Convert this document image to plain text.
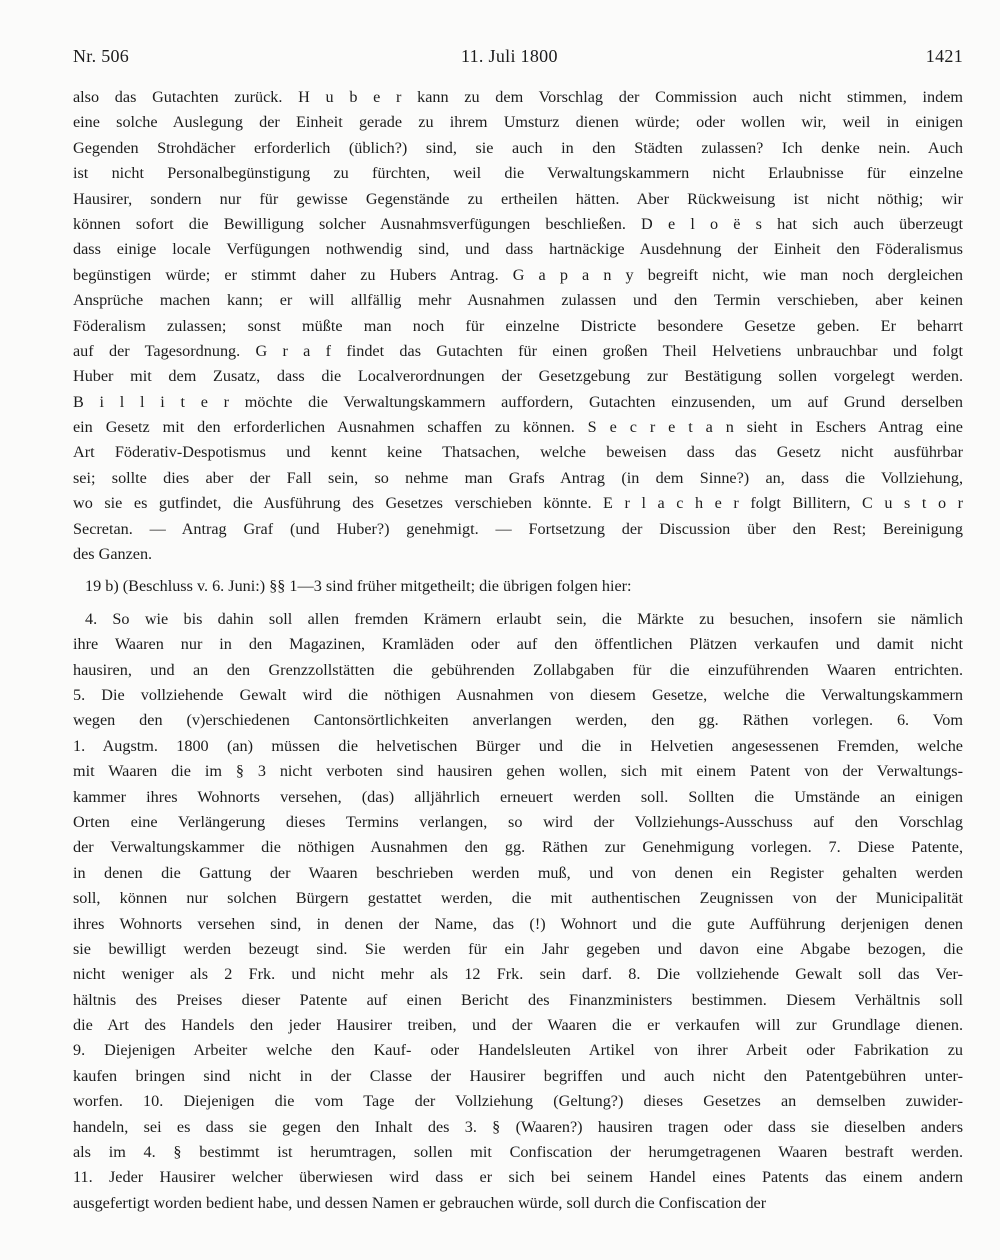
Nr. 506	11. Juli 1800	1421
also das Gutachten zurück. H u b e r kann zu dem Vorschlag der Commission auch nicht stimmen, indem
eine solche Auslegung der Einheit gerade zu ihrem Umsturz dienen würde; oder wollen wir, weil in einigen
Gegenden Strohdächer erforderlich (üblich?) sind, sie auch in den Städten zulassen? Ich denke nein. Auch
ist nicht Personalbegünstigung zu fürchten, weil die Verwaltungskammern nicht Erlaubnisse für einzelne
Hausirer, sondern nur für gewisse Gegenstände zu ertheilen hätten. Aber Rückweisung ist nicht nöthig; wir
können sofort die Bewilligung solcher Ausnahmsverfügungen beschließen. D e l o ë s hat sich auch überzeugt
dass einige locale Verfügungen nothwendig sind, und dass hartnäckige Ausdehnung der Einheit den Föderalismus
begünstigen würde; er stimmt daher zu Hubers Antrag. G a p a n y begreift nicht, wie man noch dergleichen
Ansprüche machen kann; er will allfällig mehr Ausnahmen zulassen und den Termin verschieben, aber keinen
Föderalism zulassen; sonst müßte man noch für einzelne Districte besondere Gesetze geben. Er beharrt
auf der Tagesordnung. G r a f findet das Gutachten für einen großen Theil Helvetiens unbrauchbar und folgt
Huber mit dem Zusatz, dass die Localverordnungen der Gesetzgebung zur Bestätigung sollen vorgelegt werden.
B i l l i t e r möchte die Verwaltungskammern auffordern, Gutachten einzusenden, um auf Grund derselben
ein Gesetz mit den erforderlichen Ausnahmen schaffen zu können. S e c r e t a n sieht in Eschers Antrag eine
Art Föderativ-Despotismus und kennt keine Thatsachen, welche beweisen dass das Gesetz nicht ausführbar
sei; sollte dies aber der Fall sein, so nehme man Grafs Antrag (in dem Sinne?) an, dass die Vollziehung,
wo sie es gutfindet, die Ausführung des Gesetzes verschieben könnte. E r l a c h e r folgt Billitern, C u s t o r
Secretan. — Antrag Graf (und Huber?) genehmigt. — Fortsetzung der Discussion über den Rest; Bereinigung
des Ganzen.
19 b) (Beschluss v. 6. Juni:) §§ 1—3 sind früher mitgetheilt; die übrigen folgen hier:
4. So wie bis dahin soll allen fremden Krämern erlaubt sein, die Märkte zu besuchen, insofern sie nämlich
ihre Waaren nur in den Magazinen, Kramläden oder auf den öffentlichen Plätzen verkaufen und damit nicht
hausiren, und an den Grenzzollstätten die gebührenden Zollabgaben für die einzuführenden Waaren entrichten.
5. Die vollziehende Gewalt wird die nöthigen Ausnahmen von diesem Gesetze, welche die Verwaltungskammern
wegen den (v)erschiedenen Cantonsörtlichkeiten anverlangen werden, den gg. Räthen vorlegen. 6. Vom
1. Augstm. 1800 (an) müssen die helvetischen Bürger und die in Helvetien angesessenen Fremden, welche
mit Waaren die im § 3 nicht verboten sind hausiren gehen wollen, sich mit einem Patent von der Verwaltungs-
kammer ihres Wohnorts versehen, (das) alljährlich erneuert werden soll. Sollten die Umstände an einigen
Orten eine Verlängerung dieses Termins verlangen, so wird der Vollziehungs-Ausschuss auf den Vorschlag
der Verwaltungskammer die nöthigen Ausnahmen den gg. Räthen zur Genehmigung vorlegen. 7. Diese Patente,
in denen die Gattung der Waaren beschrieben werden muß, und von denen ein Register gehalten werden
soll, können nur solchen Bürgern gestattet werden, die mit authentischen Zeugnissen von der Municipalität
ihres Wohnorts versehen sind, in denen der Name, das (!) Wohnort und die gute Aufführung derjenigen denen
sie bewilligt werden bezeugt sind. Sie werden für ein Jahr gegeben und davon eine Abgabe bezogen, die
nicht weniger als 2 Frk. und nicht mehr als 12 Frk. sein darf. 8. Die vollziehende Gewalt soll das Ver-
hältnis des Preises dieser Patente auf einen Bericht des Finanzministers bestimmen. Diesem Verhältnis soll
die Art des Handels den jeder Hausirer treiben, und der Waaren die er verkaufen will zur Grundlage dienen.
9. Diejenigen Arbeiter welche den Kauf- oder Handelsleuten Artikel von ihrer Arbeit oder Fabrikation zu
kaufen bringen sind nicht in der Classe der Hausirer begriffen und auch nicht den Patentgebühren unter-
worfen. 10. Diejenigen die vom Tage der Vollziehung (Geltung?) dieses Gesetzes an demselben zuwider-
handeln, sei es dass sie gegen den Inhalt des 3. § (Waaren?) hausiren tragen oder dass sie dieselben anders
als im 4. § bestimmt ist herumtragen, sollen mit Confiscation der herumgetragenen Waaren bestraft werden.
11. Jeder Hausirer welcher überwiesen wird dass er sich bei seinem Handel eines Patents das einem andern
ausgefertigt worden bedient habe, und dessen Namen er gebrauchen würde, soll durch die Confiscation der
